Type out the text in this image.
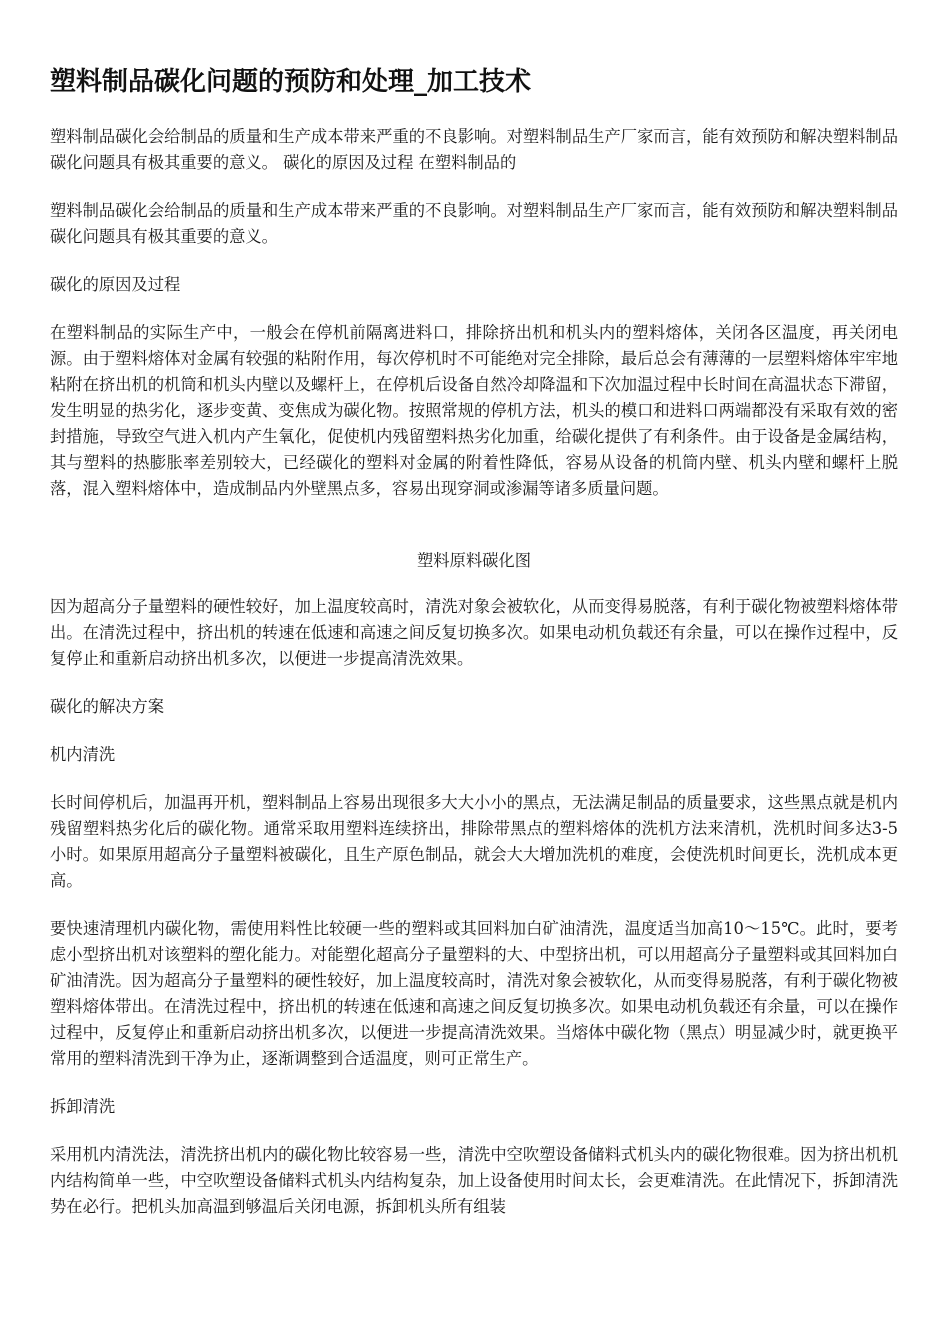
塑料制品碳化问题的预防和处理_加工技术

塑料制品碳化会给制品的质量和生产成本带来严重的不良影响。对塑料制品生产厂家而言，能有效预防和解决塑料制品碳化问题具有极其重要的意义。 碳化的原因及过程 在塑料制品的

塑料制品碳化会给制品的质量和生产成本带来严重的不良影响。对塑料制品生产厂家而言，能有效预防和解决塑料制品碳化问题具有极其重要的意义。

碳化的原因及过程

在塑料制品的实际生产中，一般会在停机前隔离进料口，排除挤出机和机头内的塑料熔体，关闭各区温度，再关闭电源。由于塑料熔体对金属有较强的粘附作用，每次停机时不可能绝对完全排除，最后总会有薄薄的一层塑料熔体牢牢地粘附在挤出机的机筒和机头内壁以及螺杆上，在停机后设备自然冷却降温和下次加温过程中长时间在高温状态下滞留，发生明显的热劣化，逐步变黄、变焦成为碳化物。按照常规的停机方法，机头的模口和进料口两端都没有采取有效的密封措施，导致空气进入机内产生氧化，促使机内残留塑料热劣化加重，给碳化提供了有利条件。由于设备是金属结构，其与塑料的热膨胀率差别较大，已经碳化的塑料对金属的附着性降低，容易从设备的机筒内壁、机头内壁和螺杆上脱落，混入塑料熔体中，造成制品内外壁黑点多，容易出现穿洞或渗漏等诸多质量问题。

塑料原料碳化图

因为超高分子量塑料的硬性较好，加上温度较高时，清洗对象会被软化，从而变得易脱落，有利于碳化物被塑料熔体带出。在清洗过程中，挤出机的转速在低速和高速之间反复切换多次。如果电动机负载还有余量，可以在操作过程中，反复停止和重新启动挤出机多次，以便进一步提高清洗效果。

碳化的解决方案

机内清洗

长时间停机后，加温再开机，塑料制品上容易出现很多大大小小的黑点，无法满足制品的质量要求，这些黑点就是机内残留塑料热劣化后的碳化物。通常采取用塑料连续挤出，排除带黑点的塑料熔体的洗机方法来清机，洗机时间多达3-5小时。如果原用超高分子量塑料被碳化，且生产原色制品，就会大大增加洗机的难度，会使洗机时间更长，洗机成本更高。

要快速清理机内碳化物，需使用料性比较硬一些的塑料或其回料加白矿油清洗，温度适当加高10～15℃。此时，要考虑小型挤出机对该塑料的塑化能力。对能塑化超高分子量塑料的大、中型挤出机，可以用超高分子量塑料或其回料加白矿油清洗。因为超高分子量塑料的硬性较好，加上温度较高时，清洗对象会被软化，从而变得易脱落，有利于碳化物被塑料熔体带出。在清洗过程中，挤出机的转速在低速和高速之间反复切换多次。如果电动机负载还有余量，可以在操作过程中，反复停止和重新启动挤出机多次，以便进一步提高清洗效果。当熔体中碳化物（黑点）明显减少时，就更换平常用的塑料清洗到干净为止，逐渐调整到合适温度，则可正常生产。

拆卸清洗

采用机内清洗法，清洗挤出机内的碳化物比较容易一些，清洗中空吹塑设备储料式机头内的碳化物很难。因为挤出机机内结构简单一些，中空吹塑设备储料式机头内结构复杂，加上设备使用时间太长，会更难清洗。在此情况下，拆卸清洗势在必行。把机头加高温到够温后关闭电源，拆卸机头所有组装
